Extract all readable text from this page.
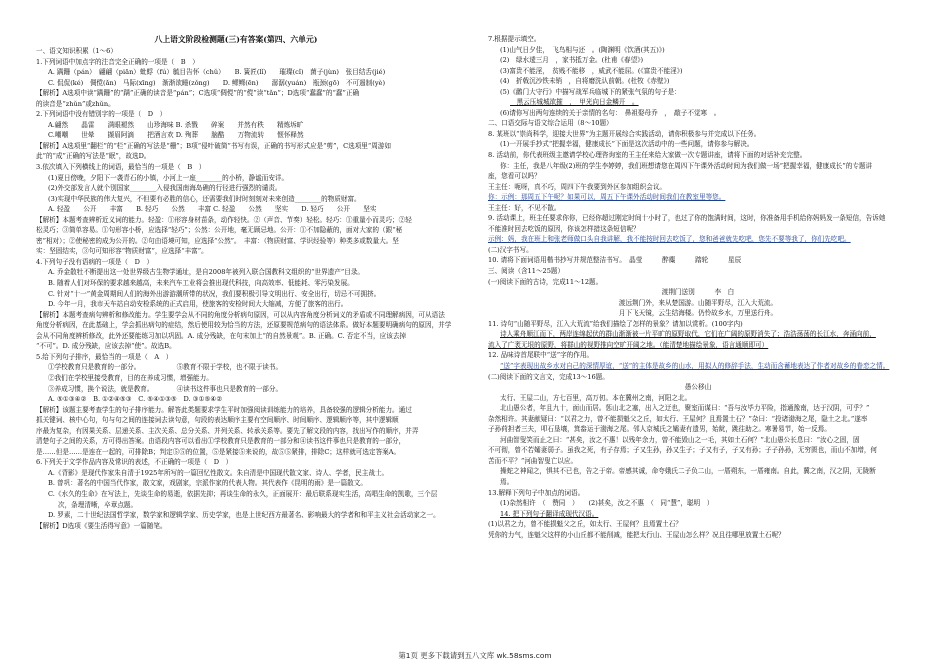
八上语文阶段检测题(三)有答案(第四、六单元)
一、语文知识积累（1～6）
1.下列词语中加点字的注音完全正确的一项是（　B　）
A. 蹒跚（pán）　翩翩（piān）蚍蜉（fú）毓目告怀（chǔ）　　B. 簧匠(lǐ)　　璀璨(cǐ)　菌子(jùn)　张目结舌(jié)
C. 侃侃(ké)　倜傥(ǎn)　马际(xīng)　渐渐欲睡(zǒng)　　D. 鳏鳏(ēn)　　潺潺(yuán)　瓶颈(ɡō)　不可遏制(yè)
【解析】A选项中读“蹒跚”的“蹒”正确的读音是“pán”；C选项“倜傥”的“傥”读“tǎn”；D选项“蠢蠢”的“蠢”正确
的读音是“zhǔn”或zhǔn。
2.下列词语中没有错别字的一项是（　D　）
A.翩然　　晶雷　　满眼褪然　　山珍海味 B. 杀戮　　碎案　　并然有秩　　精炼坼旷
C.嘲嘲　　世晕　　撷眉阿滴　　把酒言欢 D. 殉葬　　脑酷　　万物流转　　惬怀释然
【解析】A选项里“翻栏”的“栏”正确的写法是“栅”；B项“侵叶破简”书写有误，正确的书写形式应是“剪”，C选项里“周游如
此”的“成”正确的写法是“眠”，故选D。
3.依次填入下列横线上的词语，最恰当的一项是（　B　）
(1)夏日傍晚，夕阳下一袭青石的小镇，小河上一座________的小桥，静谧而安详。
(2)外交部发言人就个别国家________入侵我国南海岛礁的行径进行强烈的谴责。
(3)实现中华民族的伟大复兴，不但要有必胜的信心，还需要我们时时刻刻对未来创造________的物质财富。
A. 轻盈　　公开　　丰富　　B. 轻巧　　公然　　丰富 C. 轻盈　　公然　　坚实　　D. 轻巧　　公开　　坚实
【解析】本题考查辨析近义词的能力。轻盈：①形容身材苗条，动作轻快。②（声音、节奏）轻松。轻巧：①重量小而灵巧；②轻
松灵巧；③简单容易。①句形容小桥，应选择“轻巧”；公然：公开地，毫无顾忌地。公开：①不加隐蔽的，面对大家的（跟“秘
密”相对）；②使秘密的成为公开的。②句由语境可知，应选择“公然”。　丰富：（物质财富、学识经验等）种类多或数量大。坚
实：坚固结实，③句可知形容“物质财富”，应选择“丰富”。
4.下列句子没有语病的一项是（　D　）
A. 乔金散牡不断提出这一处世界级古生物学通址，是自2008年被列入联合国教科文组织的“世界遗产”目录。
B. 随着人们对环保的要求越来越高，未来汽车工业将会推出现代科技，向高效率、低能耗、零污染发展。
C. 针对“十一”黄金周期间人们的海外出游游潮所带的状况，我们要积极引导文明出行、安全出行，切忌不可拥挤。
D. 今年一月，我市天车站自动安检系统的正式启用，使旅客的安检时间大大缩减，方便了旅客的出行。
【解析】本题考查病句辨析和修改能力。学生要学会从不同的角度分析病句原因，可以从内容角度分析词义的矛盾或不同理解病因，可从语法
角度分析病因，在此基础上，学会抓出病句的症结，然后使用较为恰当的方法，还原要规范病句的语法体系。做好本题要明确病句的原因，并学
会从不同角度辨析修改，此外还要能练习加以巩固。A. 成分残缺，在句末加上“的自然景观”。B. 正确。C. 否定不当，应该去掉
“不可”。D. 成分残缺，应该去掉“使”。故选B。
5.给下列句子排序，最恰当的一项是（　A　）
①学校教育只是教育的一部分。　　　　　　⑤教育不限于学校，也不限于读书。
②我们在学校里接受教育，目的在养成习惯，增强能力。
③养成习惯，换个说法，就是教育。　　　　④读书这件事也只是教育的一部分。
A. ⑤①③④②　B. ①②④⑤③　C. ⑤④①③⑤　D. ③①⑤④②
【解析】该题主要考查学生的句子排序能力。解答此类题要求学生平时加强阅读训练能力的培养，具备较强的逻辑分析能力。通过
抓关键词、核中心句，句与句之间的连接词去读句意，句段的表达顺序主要有空间顺序、时间顺序、逻辑顺序等，其中逻辑顺
序最为复杂，有因果关系、层递关系、主次关系、总分关系、并列关系、转承关系等。要先了解文段的内容，找出写作的顺序，并弄
清楚句子之间的关系，方可得出答案。由语段内容可以看出①学校教育只是教育的一部分和④读书这件事也只是教育的一部分，
是……但是……是连在一起的，可排除B；判定⑤⑤的位置，⑤是紧接⑤来说的，故⑤⑤紧排，排除C；这样就可选定答案A。
6.下列关于文学作品内容及常识的表述，不正确的一项是（　D　）
A.《背影》是现代作家朱自清于1925年所写的一篇回忆性散文。朱自清是中国现代散文家、诗人、学者，民主战士。
B. 曾巩：著名的中国当代作家，散文家，戏剧家，宗派作家的代表人物。其代表作《昆明的雨》是一篇散文。
C.《水久的生命》在写法上，先谈生命的易逝，依据先抑；再谈生命的永久，正面展开：最后联系现实生活，高唱生命的凯歌，三个层
次，条理清晰，卒章点题。
D. 罗素，二十世纪法国哲学家，数学家和逻辑学家、历史学家，也是上世纪西方最著名、影响最大的学者和和平主义社会活动家之一。
【解析】D选项《要生活得写意》一篇随笔。
7.根据提示填空。
(1)山气日夕佳，　飞鸟相与还　。(陶渊明《饮酒(其五)》)
(2)　绿水逶三月　，家书抵万金。(杜甫《春望》)
(3)富贵不能淫，　贫贱不能移　，威武不能屈。(《富贵不能淫》)
(4)　折戟沉沙铁未销　，自将磨洗认前朝。(杜牧《赤壁》)
(5)《鹳门大守行》中描写战军兵临城下的紧张气氛的句子是：
　黑云压城城欲摧　，　甲光向日金鳞开　。
(6)请你写出两句连续的关于亲情的名句：　鼻祖娶母乔　，　敲子不觉寒　。
二、口语交际与语文综合运用（8～10题）
8. 某班以“崇尚科学，迎接大世界”为主题开展综合实践活动，请你积极参与并完成以下任务。
(1)一开展手抄式“把握幸福，健康成长”下面是这次活动中的一些问题，请你参与解决。
8. 活动前，你代表班级主邀请学校心理咨询室的王主任来给大家做一次专题讲座，请将下面的对话补充完整。
你：主任，我是八年级(2)班的学生李婷婷，我们班想请您在周四下午课外活动时间为我们做一场“把握幸福，健康成长”的专题讲
座，您看可以吗？
王主任：呃呀，真不巧，周四下午我要到外区参加组织会议。
你：示例：那周五下午呢？如果可以，周五下午课外活动时间我们在教室里等您。
王主任：好，不见不散。
9. 活动课上，班主任要求你你，已经你超过刚定时间十小时了，也过了你的饱满时间，这时，你准备用手机给你妈妈发一条短信，告诉她
不能准时回去吃饭的原因，你该怎样措这条短信呢？
示例：妈，我在班上和张老师做口头自我讲解，我不能按时回去吃饭了，您和爸爸就先吃吧，您先不要等我了，你们先吃吧。
(二)汉字书写。
10. 请将下面词语用楷书抄写并规范整洁书写。　晶莹　　　醉麋　　　踏轮　　　星辰
三、阅读（含11～25题）
(一)阅读下面的古诗，完成11～12题。
渡荆门送别　　　李　白
渡远荆门外，来从楚国游。山随平野尽，江入大荒流。
月下飞天镜，云生结海楼。仍怜故乡水，万里送行舟。
11. 诗句“山随平野尽，江入大荒流”给我们描绘了怎样的景象？请加以赏析。(100字内)
诗人乘舟顺江而下，两岸连绵起伏的群山渐渐被一片平旷的原野取代，它们在广阔的原野消失了；浩浩荡荡的长江水，奔涌向前，
流入了广袤无垠的原野，将群山的视野推向空旷开阔之地。（能清楚地描绘景象，语言通顺即可）
12. 品味诗首尾联中“送”字的作用。
“送”字表现出故乡水对自己的深情厚谊，“送”的主体是故乡的山水，用拟人的修辞手法，生动而含蓄地表达了作者对故乡的眷恋之情。
(二)阅读下面的文言文，完成13～16题。
愚公移山
太行、王屋二山，方七百里，高万仞。本在冀州之南，河阳之北。
北山愚公者，年且九十，面山而居。惩山北之塞，出入之迂也，聚室而谋曰：“吾与汝毕力平险，指通豫南，达于汉阴，可乎？”
杂然相许。其妻献疑曰：“以君之力，曾不能损魁父之丘，如太行、王屋何？且焉置土石？”杂曰：“投诸渤海之尾，隐土之北。”遂率
子孙荷担者三夫，叩石垦壤，箕畚运于渤海之尾。邻人京城氏之孀妻有遗男，始龀，跳往助之。寒暑易节，始一反焉。
河曲智叟笑而止之曰：“甚矣，汝之不惠！以残年余力，曾不能毁山之一毛，其如土石何？”北山愚公长息曰：“汝心之固，固
不可彻，曾不若孀妻弱子。虽我之死，有子存焉；子又生孙，孙又生子；子又有子，子又有孙；子子孙孙，无穷匮也，而山不加增，何
苦而不平？”河曲智叟亡以应。
操蛇之神闻之，惧其不已也，告之于帝。帝感其诚，命夸娥氏二子负二山，一厝朔东，一厝雍南。自此，冀之南，汉之阴，无陇断
焉。
13.解释下列句子中加点的词语。
(1)杂然相许　（　赞同　）　　(2)甚矣，汝之不惠　（　同“慧”，聪明　）
14. 把下列句子翻译成现代汉语。
(1)以君之力，曾不能损魁父之丘，如太行、王屋何？且焉置土石？
凭你的力气，连魁父这样的小山丘都不能削减，能把太行山、王屋山怎么样？况且往哪里放置土石呢？
第1页 更多下载请到五八文库 wk.58sms.com
